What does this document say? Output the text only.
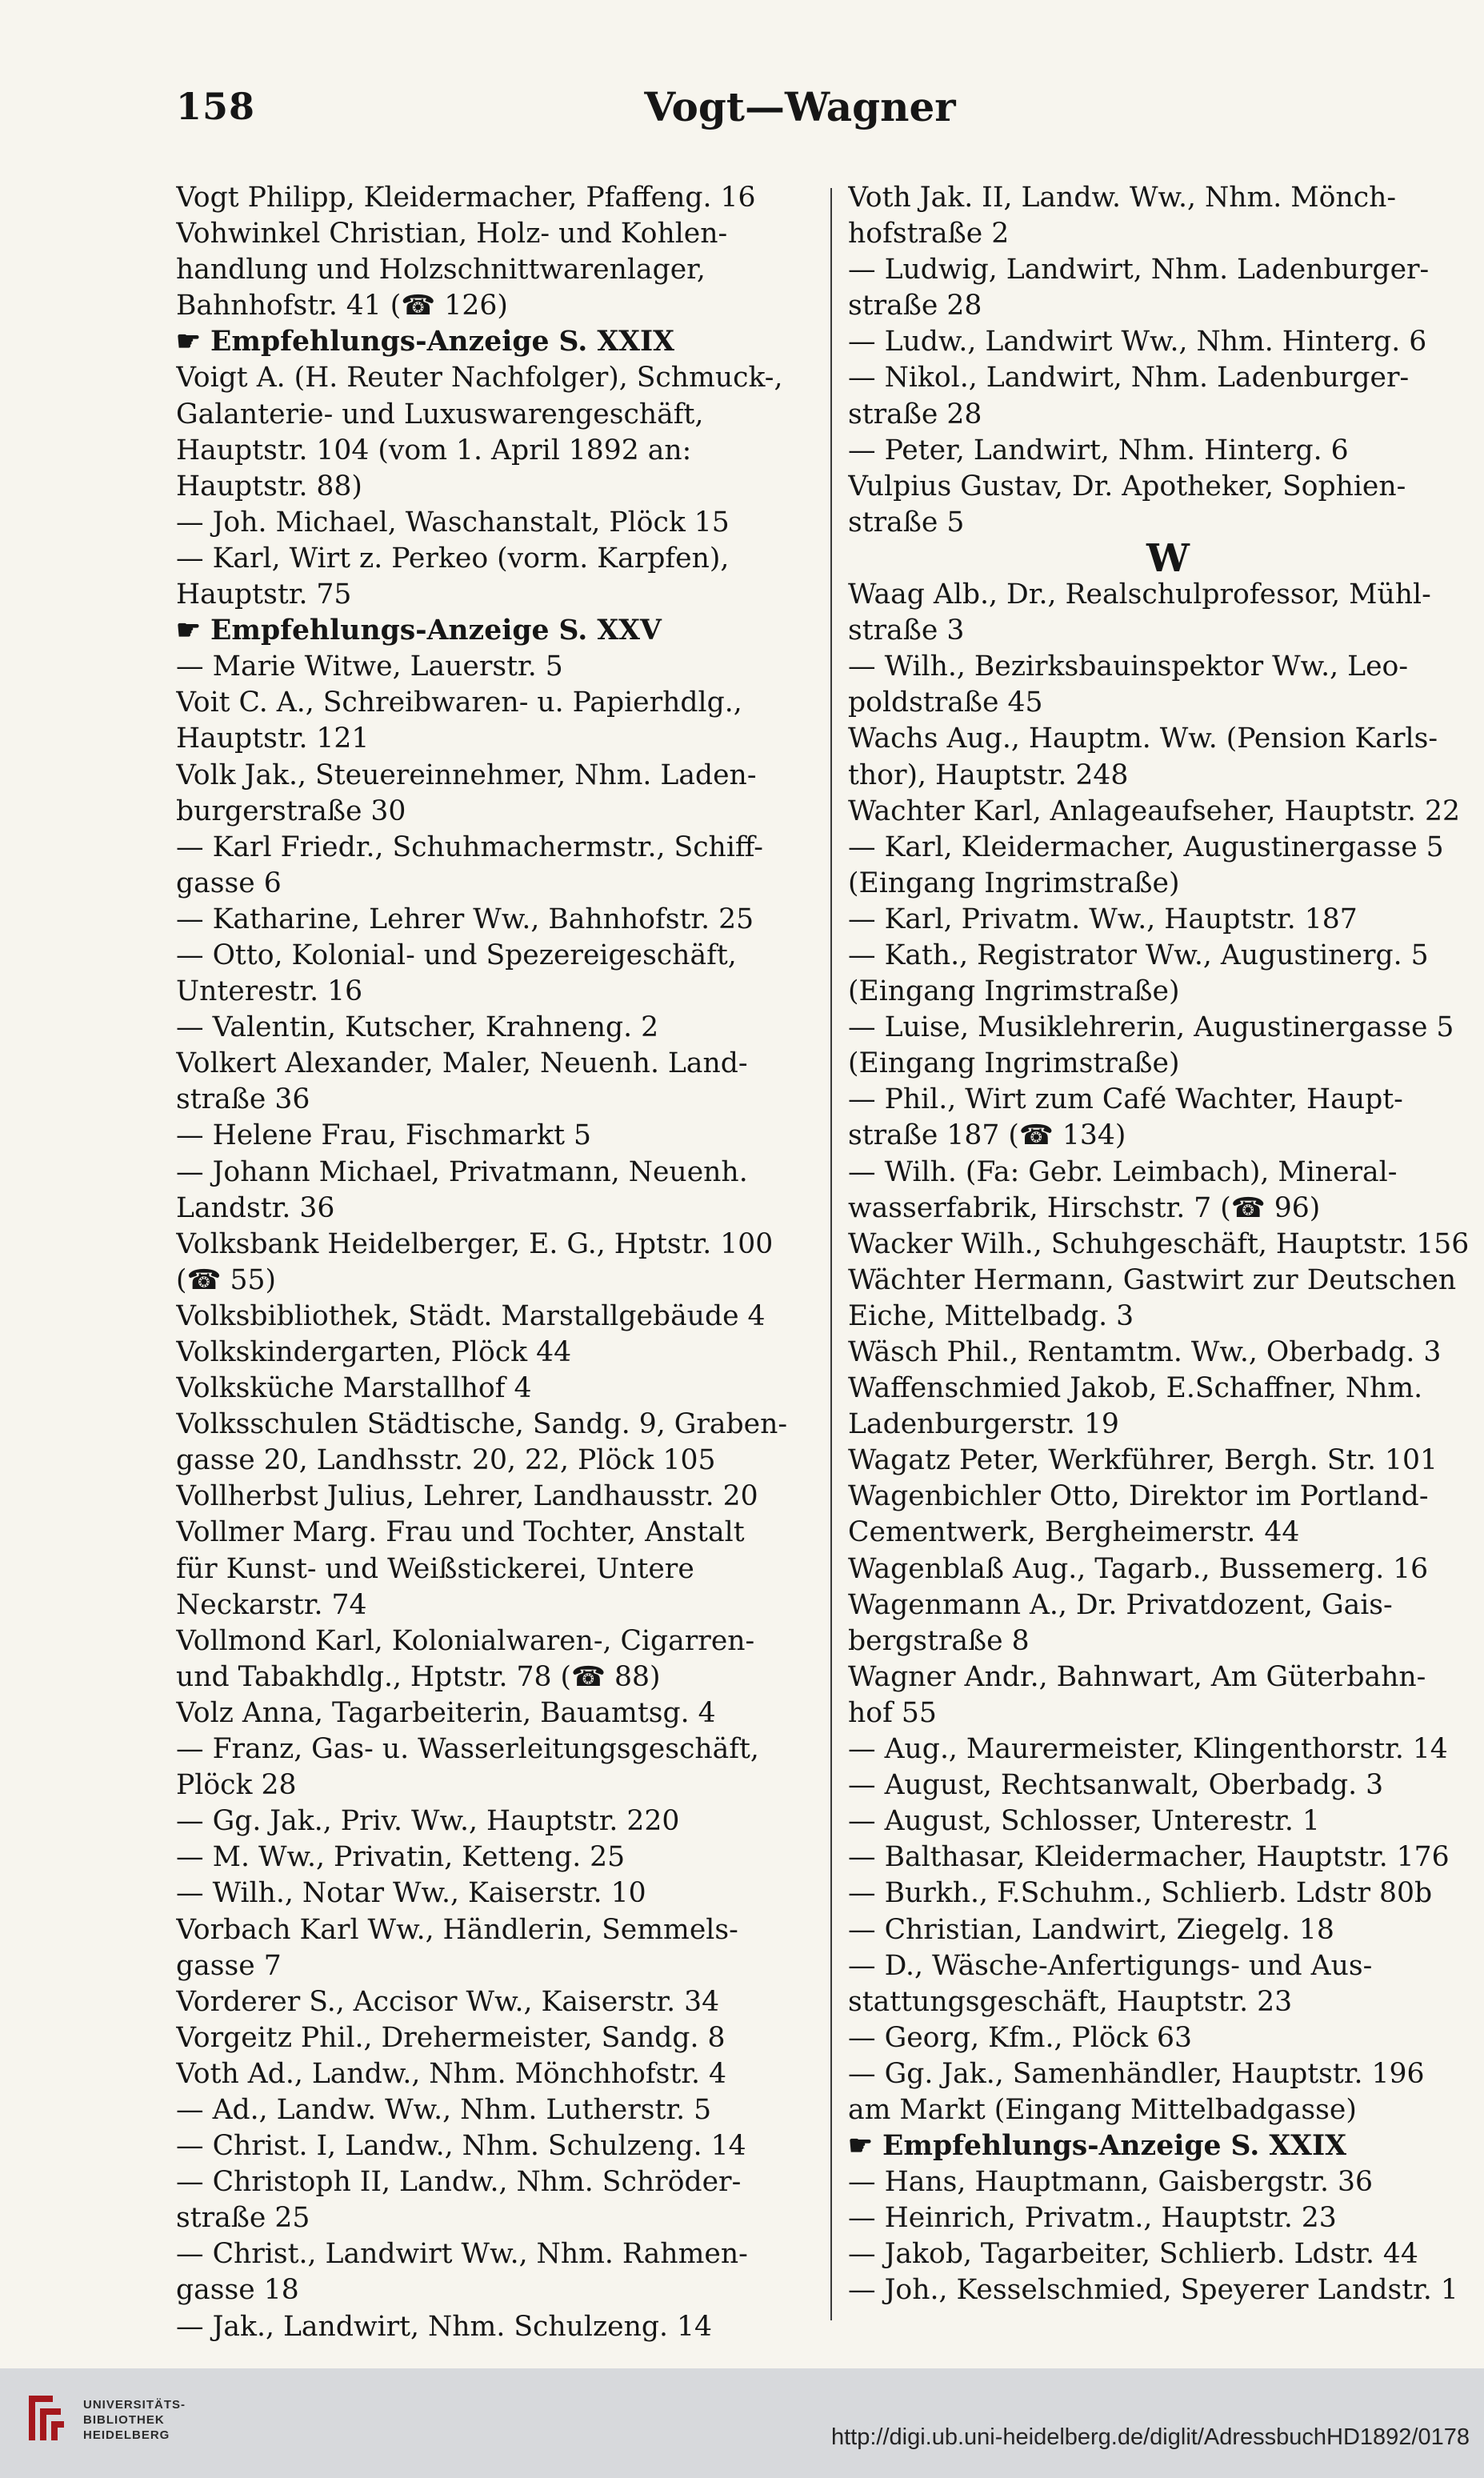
158	Vogt—Wagner
Vogt Philipp, Kleidermacher, Pfaffeng. 16
Vohwinkel Christian, Holz- und Kohlen-
handlung und Holzschnittwarenlager,
Bahnhofstr. 41 (☎ 126)
☛ Empfehlungs-Anzeige S. XXIX
Voigt A. (H. Reuter Nachfolger), Schmuck-,
Galanterie- und Luxuswarengeschäft,
Hauptstr. 104 (vom 1. April 1892 an:
Hauptstr. 88)
— Joh. Michael, Waschanstalt, Plöck 15
— Karl, Wirt z. Perkeo (vorm. Karpfen),
Hauptstr. 75
☛ Empfehlungs-Anzeige S. XXV
— Marie Witwe, Lauerstr. 5
Voit C. A., Schreibwaren- u. Papierhdlg.,
Hauptstr. 121
Volk Jak., Steuereinnehmer, Nhm. Laden-
burgerstraße 30
— Karl Friedr., Schuhmachermstr., Schiff-
gasse 6
— Katharine, Lehrer Ww., Bahnhofstr. 25
— Otto, Kolonial- und Spezereigeschäft,
Unterestr. 16
— Valentin, Kutscher, Krahneng. 2
Volkert Alexander, Maler, Neuenh. Land-
straße 36
— Helene Frau, Fischmarkt 5
— Johann Michael, Privatmann, Neuenh.
Landstr. 36
Volksbank Heidelberger, E. G., Hptstr. 100
(☎ 55)
Volksbibliothek, Städt. Marstallgebäude 4
Volkskindergarten, Plöck 44
Volksküche Marstallhof 4
Volksschulen Städtische, Sandg. 9, Graben-
gasse 20, Landhsstr. 20, 22, Plöck 105
Vollherbst Julius, Lehrer, Landhausstr. 20
Vollmer Marg. Frau und Tochter, Anstalt
für Kunst- und Weißstickerei, Untere
Neckarstr. 74
Vollmond Karl, Kolonialwaren-, Cigarren-
und Tabakhdlg., Hptstr. 78 (☎ 88)
Volz Anna, Tagarbeiterin, Bauamtsg. 4
— Franz, Gas- u. Wasserleitungsgeschäft,
Plöck 28
— Gg. Jak., Priv. Ww., Hauptstr. 220
— M. Ww., Privatin, Ketteng. 25
— Wilh., Notar Ww., Kaiserstr. 10
Vorbach Karl Ww., Händlerin, Semmels-
gasse 7
Vorderer S., Accisor Ww., Kaiserstr. 34
Vorgeitz Phil., Drehermeister, Sandg. 8
Voth Ad., Landw., Nhm. Mönchhofstr. 4
— Ad., Landw. Ww., Nhm. Lutherstr. 5
— Christ. I, Landw., Nhm. Schulzeng. 14
— Christoph II, Landw., Nhm. Schröder-
straße 25
— Christ., Landwirt Ww., Nhm. Rahmen-
gasse 18
— Jak., Landwirt, Nhm. Schulzeng. 14
Voth Jak. II, Landw. Ww., Nhm. Mönch-
hofstraße 2
— Ludwig, Landwirt, Nhm. Ladenburger-
straße 28
— Ludw., Landwirt Ww., Nhm. Hinterg. 6
— Nikol., Landwirt, Nhm. Ladenburger-
straße 28
— Peter, Landwirt, Nhm. Hinterg. 6
Vulpius Gustav, Dr. Apotheker, Sophien-
straße 5
W
Waag Alb., Dr., Realschulprofessor, Mühl-
straße 3
— Wilh., Bezirksbauinspektor Ww., Leo-
poldstraße 45
Wachs Aug., Hauptm. Ww. (Pension Karls-
thor), Hauptstr. 248
Wachter Karl, Anlageaufseher, Hauptstr. 22
— Karl, Kleidermacher, Augustinergasse 5
(Eingang Ingrimstraße)
— Karl, Privatm. Ww., Hauptstr. 187
— Kath., Registrator Ww., Augustinerg. 5
(Eingang Ingrimstraße)
— Luise, Musiklehrerin, Augustinergasse 5
(Eingang Ingrimstraße)
— Phil., Wirt zum Café Wachter, Haupt-
straße 187 (☎ 134)
— Wilh. (Fa: Gebr. Leimbach), Mineral-
wasserfabrik, Hirschstr. 7 (☎ 96)
Wacker Wilh., Schuhgeschäft, Hauptstr. 156
Wächter Hermann, Gastwirt zur Deutschen
Eiche, Mittelbadg. 3
Wäsch Phil., Rentamtm. Ww., Oberbadg. 3
Waffenschmied Jakob, E.Schaffner, Nhm.
Ladenburgerstr. 19
Wagatz Peter, Werkführer, Bergh. Str. 101
Wagenbichler Otto, Direktor im Portland-
Cementwerk, Bergheimerstr. 44
Wagenblaß Aug., Tagarb., Bussemerg. 16
Wagenmann A., Dr. Privatdozent, Gais-
bergstraße 8
Wagner Andr., Bahnwart, Am Güterbahn-
hof 55
— Aug., Maurermeister, Klingenthorstr. 14
— August, Rechtsanwalt, Oberbadg. 3
— August, Schlosser, Unterestr. 1
— Balthasar, Kleidermacher, Hauptstr. 176
— Burkh., F.Schuhm., Schlierb. Ldstr 80b
— Christian, Landwirt, Ziegelg. 18
— D., Wäsche-Anfertigungs- und Aus-
stattungsgeschäft, Hauptstr. 23
— Georg, Kfm., Plöck 63
— Gg. Jak., Samenhändler, Hauptstr. 196
am Markt (Eingang Mittelbadgasse)
☛ Empfehlungs-Anzeige S. XXIX
— Hans, Hauptmann, Gaisbergstr. 36
— Heinrich, Privatm., Hauptstr. 23
— Jakob, Tagarbeiter, Schlierb. Ldstr. 44
— Joh., Kesselschmied, Speyerer Landstr. 1
UNIVERSITÄTS-
BIBLIOTHEK
HEIDELBERG	http://digi.ub.uni-heidelberg.de/diglit/AdressbuchHD1892/0178
